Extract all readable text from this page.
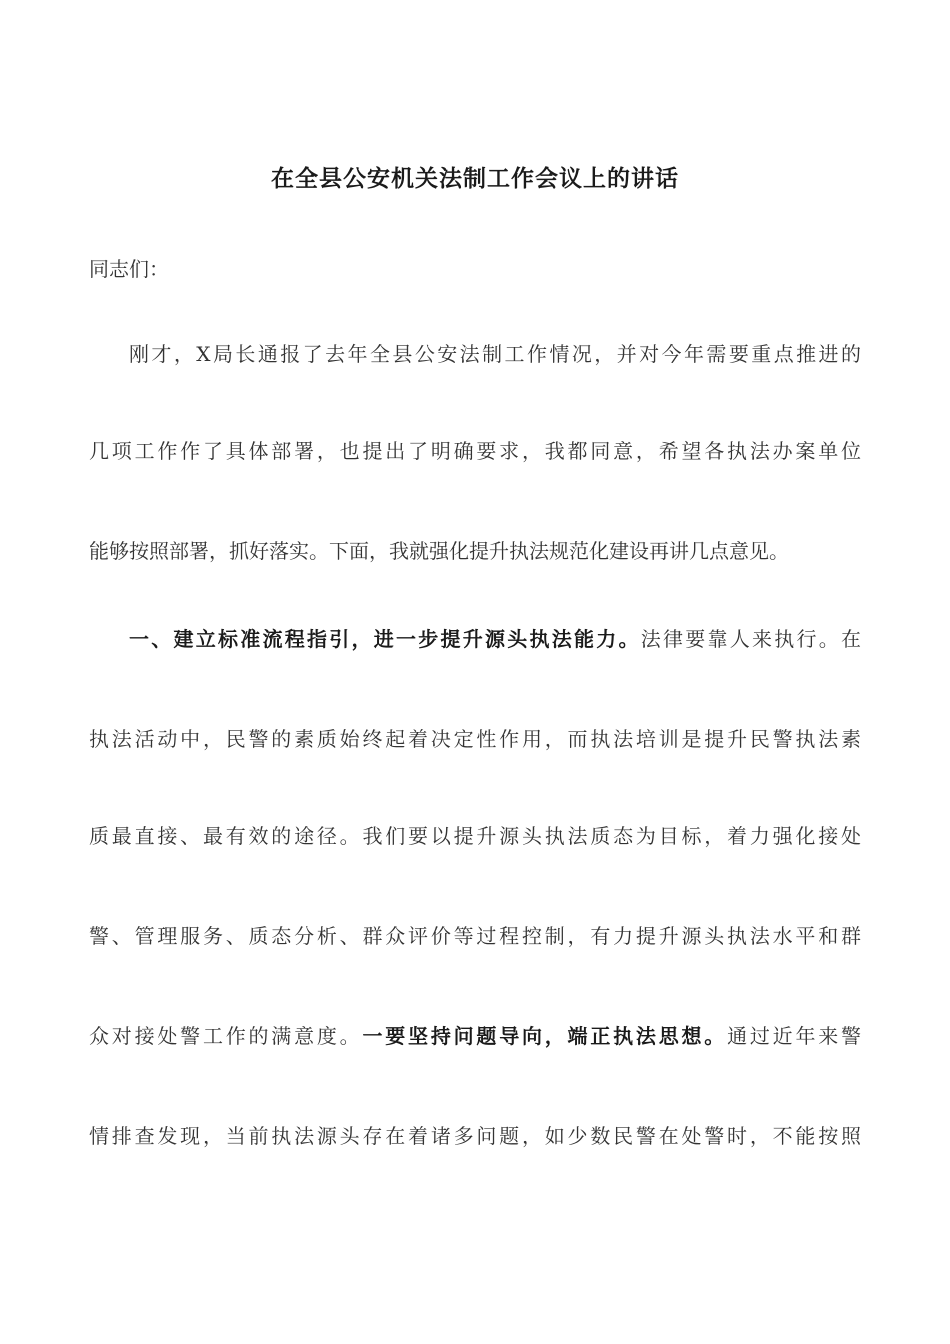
在全县公安机关法制工作会议上的讲话
同志们：
刚才，X局长通报了去年全县公安法制工作情况，并对今年需要重点推进的
几项工作作了具体部署，也提出了明确要求，我都同意，希望各执法办案单位
能够按照部署，抓好落实。下面，我就强化提升执法规范化建设再讲几点意见。
一、建立标准流程指引，进一步提升源头执法能力。法律要靠人来执行。在
执法活动中，民警的素质始终起着决定性作用，而执法培训是提升民警执法素
质最直接、最有效的途径。我们要以提升源头执法质态为目标，着力强化接处
警、管理服务、质态分析、群众评价等过程控制，有力提升源头执法水平和群
众对接处警工作的满意度。一要坚持问题导向，端正执法思想。通过近年来警
情排查发现，当前执法源头存在着诸多问题，如少数民警在处警时，不能按照
